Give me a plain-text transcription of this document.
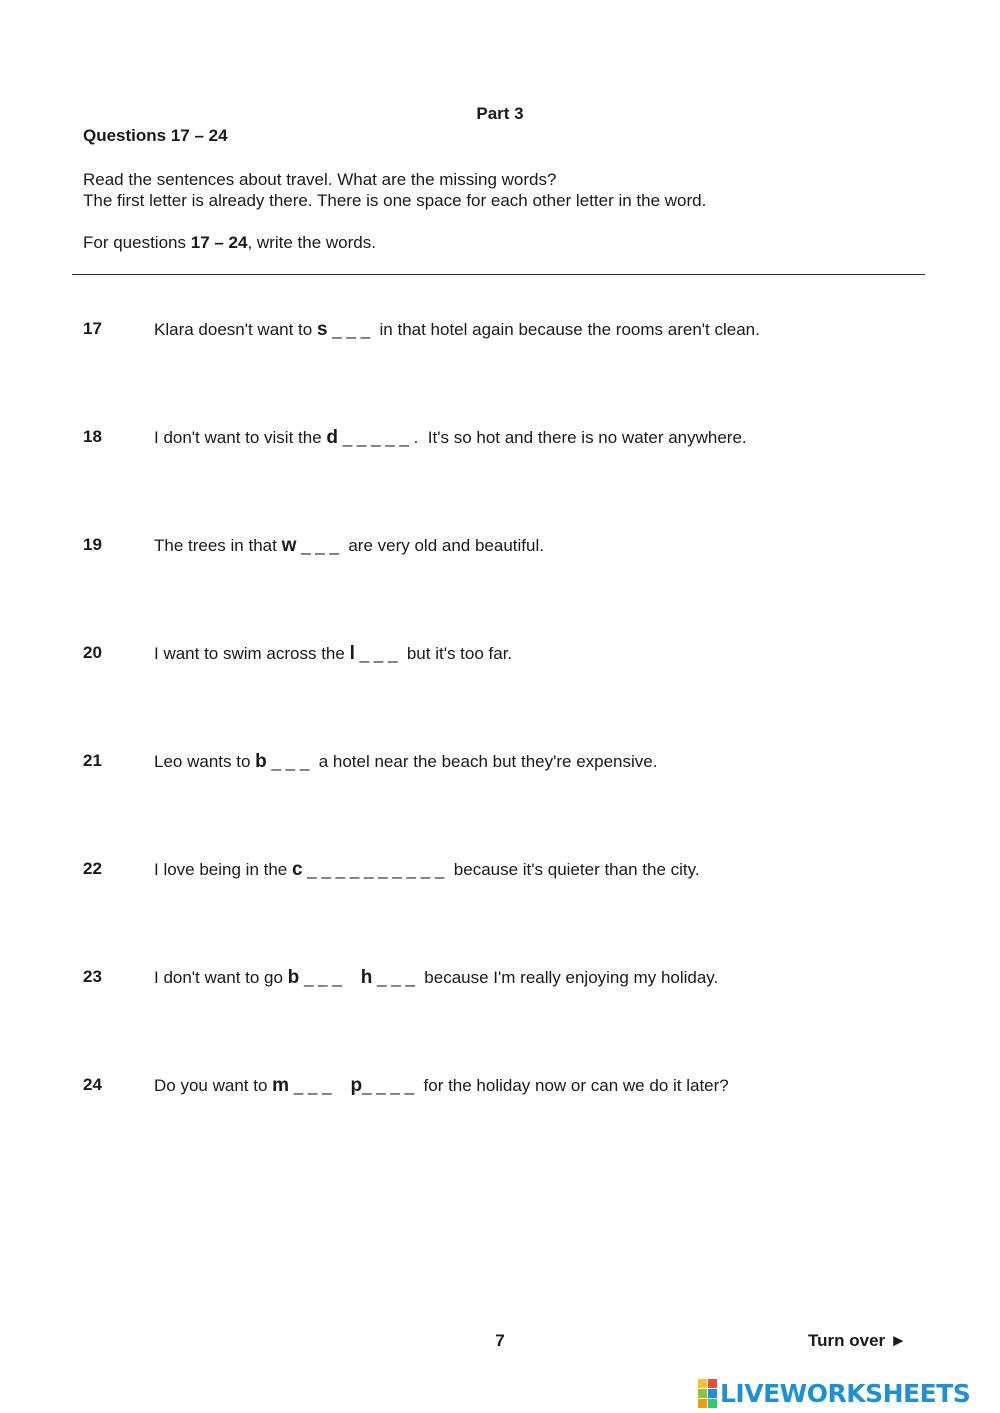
Part 3
Questions 17 – 24

Read the sentences about travel. What are the missing words?

The first letter is already there. There is one space for each other letter in the word.

For questions 17 – 24, write the words.

17	Klara doesn't want to s _ _ _  in that hotel again because the rooms aren't clean.
18	I don't want to visit the d _ _ _ _ _ .  It's so hot and there is no water anywhere.
19	The trees in that w _ _ _  are very old and beautiful.
20	I want to swim across the l _ _ _  but it's too far.
21	Leo wants to b _ _ _  a hotel near the beach but they're expensive.
22	I love being in the c _ _ _ _ _ _ _ _ _ _  because it's quieter than the city.
23	I don't want to go b _ _ _    h _ _ _  because I'm really enjoying my holiday.
24	Do you want to m _ _ _    p_ _ _ _  for the holiday now or can we do it later?
7	Turn over ►
LIVEWORKSHEETS
